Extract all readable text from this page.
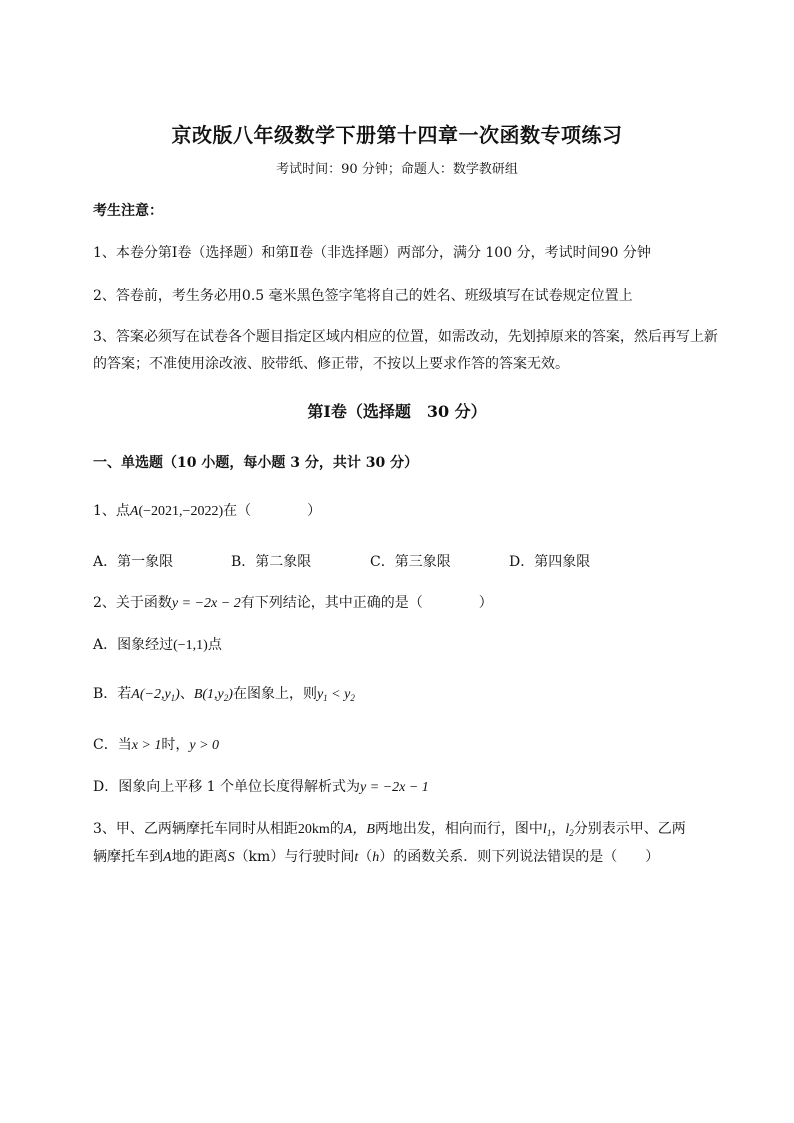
京改版八年级数学下册第十四章一次函数专项练习
考试时间：90 分钟；命题人：数学教研组
考生注意：
1、本卷分第Ⅰ卷（选择题）和第Ⅱ卷（非选择题）两部分，满分 100 分，考试时间90 分钟
2、答卷前，考生务必用0.5 毫米黑色签字笔将自己的姓名、班级填写在试卷规定位置上
3、答案必须写在试卷各个题目指定区域内相应的位置，如需改动，先划掉原来的答案，然后再写上新
的答案；不准使用涂改液、胶带纸、修正带，不按以上要求作答的答案无效。
第Ⅰ卷（选择题　30 分）
一、单选题（10 小题，每小题 3 分，共计 30 分）
1、点A(−2021,−2022)在（　　　　）
A．第一象限	B．第二象限	C．第三象限	D．第四象限
2、关于函数y = −2x − 2有下列结论，其中正确的是（　　　　）
A．图象经过(−1,1)点
B．若$A(-2,y_1)$、$B(1,y_2)$在图象上，则$y_1 < y_2$
C．当x > 1时，y > 0
D．图象向上平移 1 个单位长度得解析式为y = −2x − 1
3、甲、乙两辆摩托车同时从相距20km的A，B两地出发，相向而行，图中$l_1$，$l_2$分别表示甲、乙两
辆摩托车到A地的距离S（km）与行驶时间t（h）的函数关系．则下列说法错误的是（　　）
